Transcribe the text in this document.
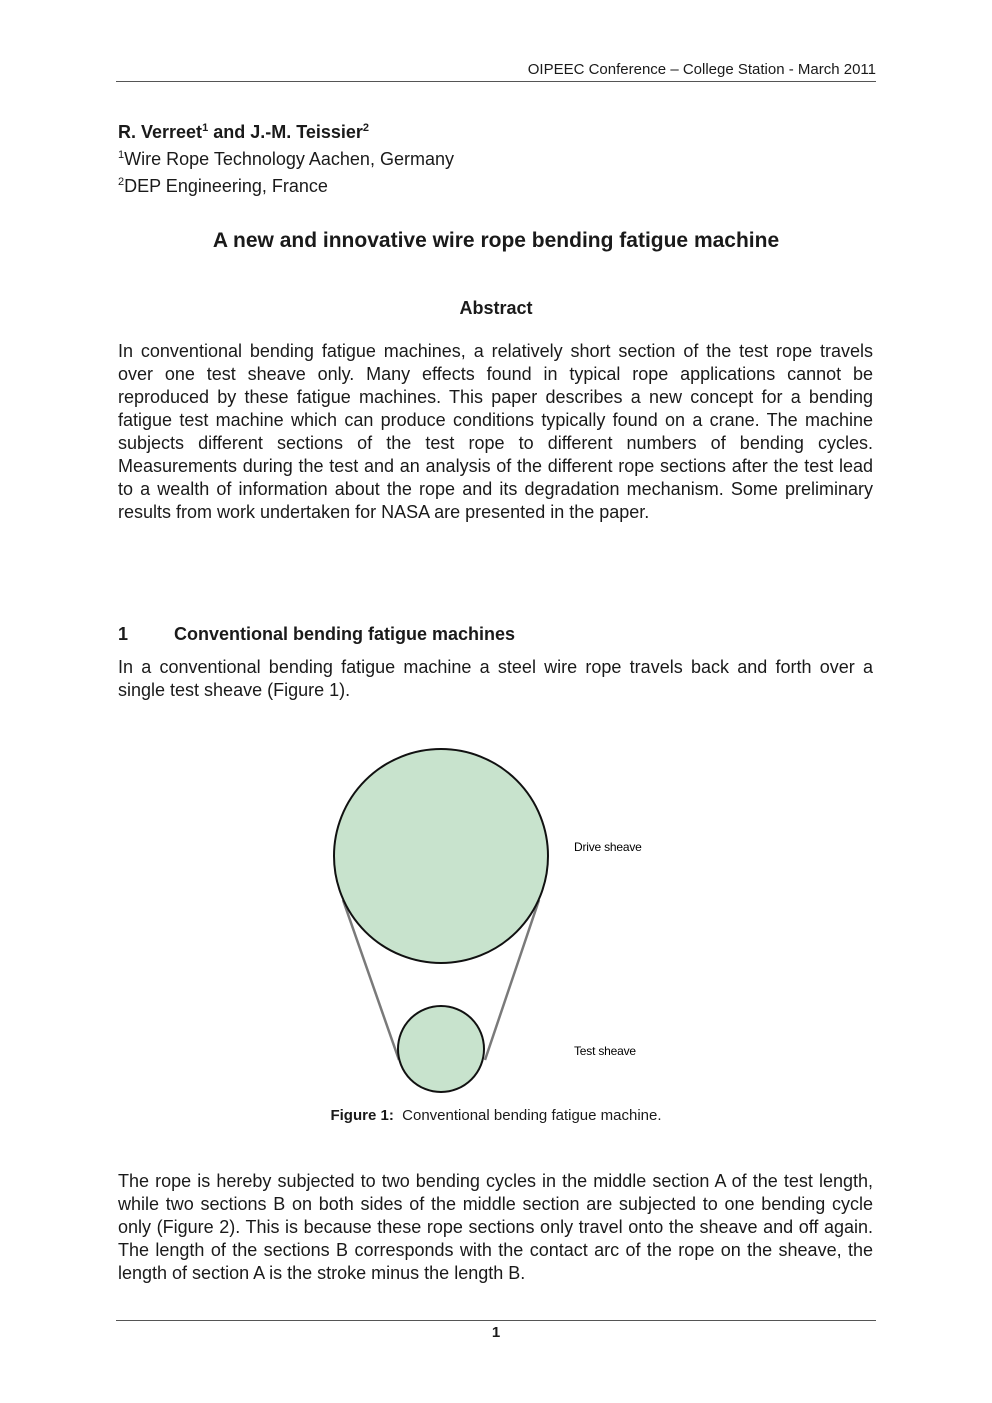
OIPEEC Conference – College Station - March 2011
R. Verreet$^1$ and J.-M. Teissier$^2$
$^1$Wire Rope Technology Aachen, Germany
$^2$DEP Engineering, France
A new and innovative wire rope bending fatigue machine
Abstract
In conventional bending fatigue machines, a relatively short section of the test rope travels over one test sheave only. Many effects found in typical rope applications cannot be reproduced by these fatigue machines. This paper describes a new concept for a bending fatigue test machine which can produce conditions typically found on a crane. The machine subjects different sections of the test rope to different numbers of bending cycles. Measurements during the test and an analysis of the different rope sections after the test lead to a wealth of information about the rope and its degradation mechanism. Some preliminary results from work undertaken for NASA are presented in the paper.
1	Conventional bending fatigue machines
In a conventional bending fatigue machine a steel wire rope travels back and forth over a single test sheave (Figure 1).
Drive sheave
Test sheave
Figure 1: Conventional bending fatigue machine.
The rope is hereby subjected to two bending cycles in the middle section A of the test length, while two sections B on both sides of the middle section are subjected to one bending cycle only (Figure 2). This is because these rope sections only travel onto the sheave and off again. The length of the sections B corresponds with the contact arc of the rope on the sheave, the length of section A is the stroke minus the length B.
1
